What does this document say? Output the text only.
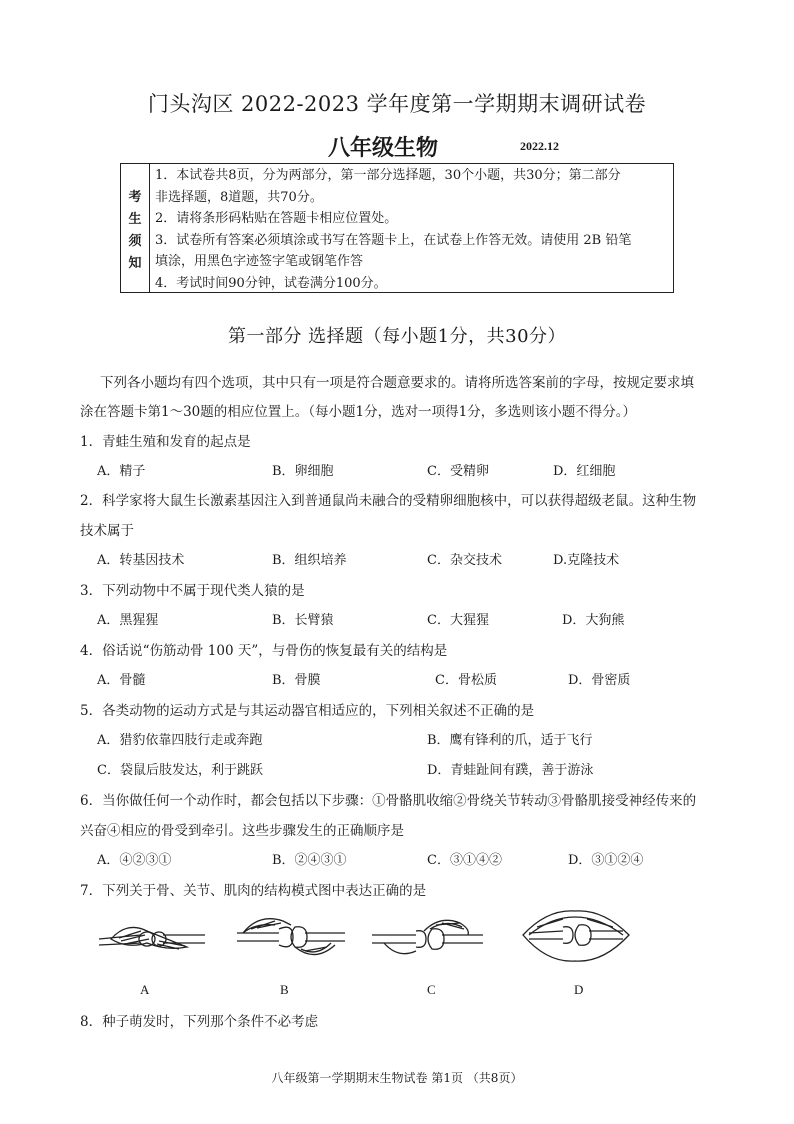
门头沟区 2022-2023 学年度第一学期期末调研试卷
八年级生物	2022.12
考
生
须
知
1．本试卷共8页，分为两部分，第一部分选择题，30个小题，共30分；第二部分
非选择题，8道题，共70分。
2．请将条形码粘贴在答题卡相应位置处。
3．试卷所有答案必须填涂或书写在答题卡上，在试卷上作答无效。请使用 2B 铅笔
填涂，用黑色字迹签字笔或钢笔作答
4．考试时间90分钟，试卷满分100分。
第一部分 选择题（每小题1分，共30分）
下列各小题均有四个选项，其中只有一项是符合题意要求的。请将所选答案前的字母，按规定要求填
涂在答题卡第1～30题的相应位置上。（每小题1分，选对一项得1分，多选则该小题不得分。）
1．青蛙生殖和发育的起点是
A．精子	B．卵细胞	C．受精卵	D．红细胞
2．科学家将大鼠生长激素基因注入到普通鼠尚未融合的受精卵细胞核中，可以获得超级老鼠。这种生物
技术属于
A．转基因技术	B．组织培养	C．杂交技术	D.克隆技术
3．下列动物中不属于现代类人猿的是
A．黑猩猩	B．长臂猿	C．大猩猩	D．大狗熊
4．俗话说“伤筋动骨 100 天”，与骨伤的恢复最有关的结构是
A．骨髓	B．骨膜	C．骨松质	D．骨密质
5．各类动物的运动方式是与其运动器官相适应的，下列相关叙述不正确的是
A．猎豹依靠四肢行走或奔跑	B．鹰有锋利的爪，适于飞行
C．袋鼠后肢发达，利于跳跃	D．青蛙趾间有蹼，善于游泳
6．当你做任何一个动作时，都会包括以下步骤：①骨骼肌收缩②骨绕关节转动③骨骼肌接受神经传来的
兴奋④相应的骨受到牵引。这些步骤发生的正确顺序是
A．④②③①	B．②④③①	C．③①④②	D．③①②④
7．下列关于骨、关节、肌肉的结构模式图中表达正确的是
A	B	C	D
8．种子萌发时，下列那个条件不必考虑
八年级第一学期期末生物试卷 第1页 （共8页）
